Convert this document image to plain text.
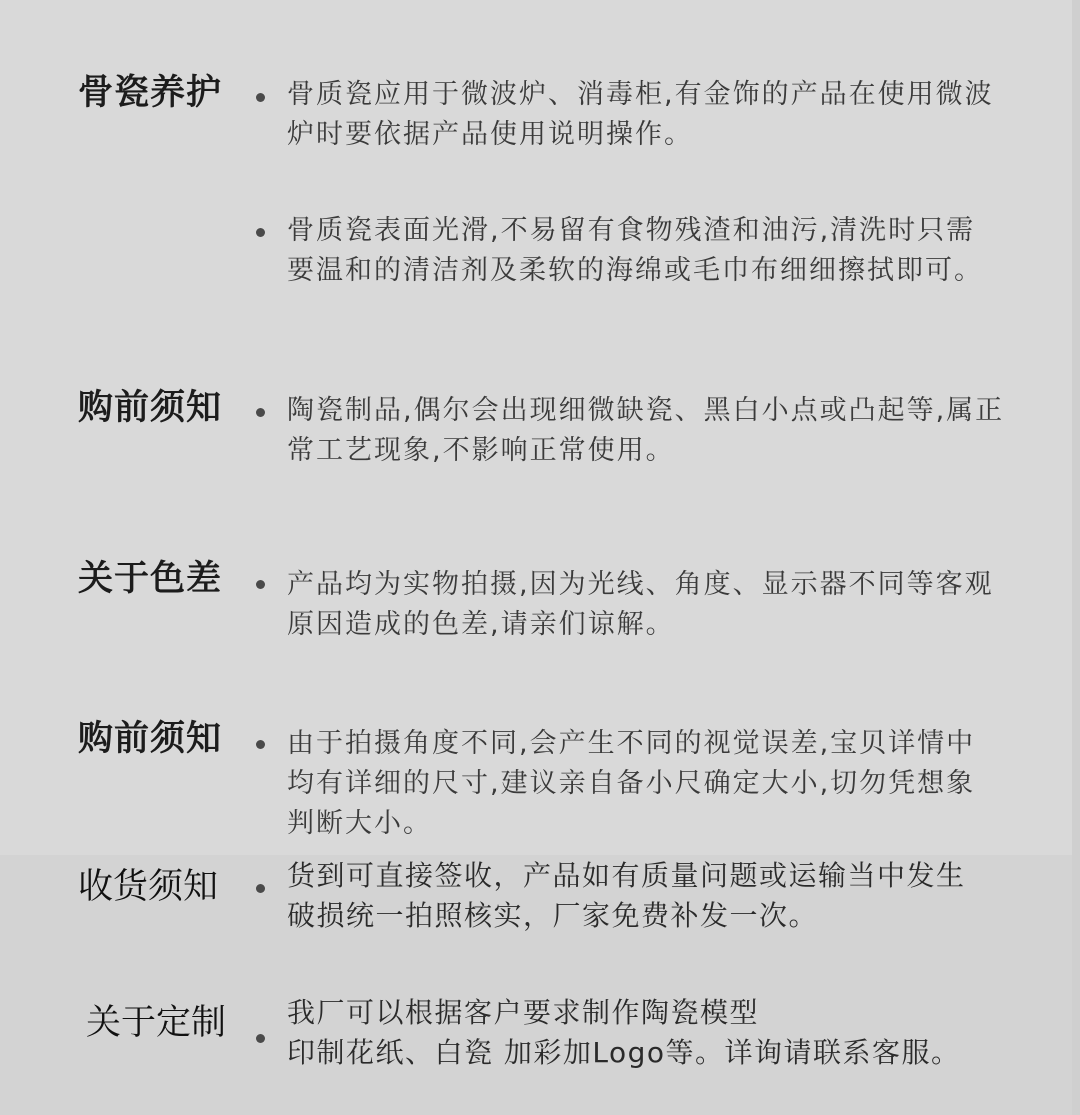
骨瓷养护 骨质瓷应用于微波炉、消毒柜,有金饰的产品在使用微波
炉时要依据产品使用说明操作。
骨质瓷表面光滑,不易留有食物残渣和油污,清洗时只需
要温和的清洁剂及柔软的海绵或毛巾布细细擦拭即可。
购前须知 陶瓷制品,偶尔会出现细微缺瓷、黑白小点或凸起等,属正
常工艺现象,不影响正常使用。
关于色差 产品均为实物拍摄,因为光线、角度、显示器不同等客观
原因造成的色差,请亲们谅解。
购前须知 由于拍摄角度不同,会产生不同的视觉误差,宝贝详情中
均有详细的尺寸,建议亲自备小尺确定大小,切勿凭想象
判断大小。
收货须知 货到可直接签收，产品如有质量问题或运输当中发生
破损统一拍照核实，厂家免费补发一次。
关于定制 我厂可以根据客户要求制作陶瓷模型
印制花纸、白瓷 加彩加Logo等。详询请联系客服。
